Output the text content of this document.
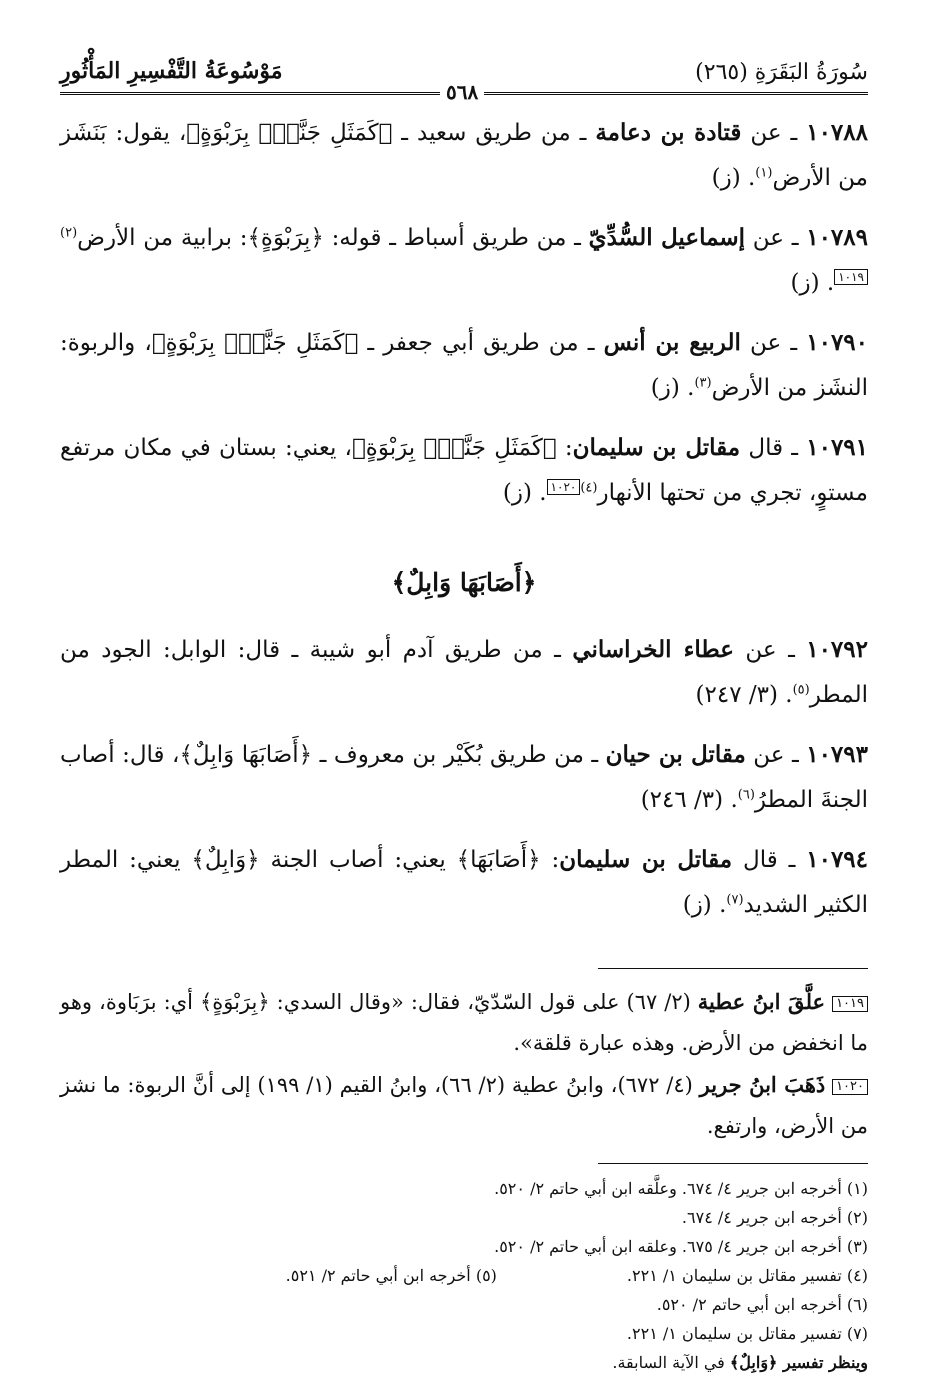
سُورَةُ البَقَرَةِ (٢٦٥)
٥٦٨
مَوْسُوعَةُ التَّفْسِيرِ المَأْثُورِ

١٠٧٨٨ ـ عن قتادة بن دعامة ـ من طريق سعيد ـ ﴿كَمَثَلِ جَنَّةٍۭ بِرَبْوَةٍ﴾، يقول: بَنَشَز من الأرض$^{(١)}$. (ز)

١٠٧٨٩ ـ عن إسماعيل السُّدِّيّ ـ من طريق أسباط ـ قوله: ﴿بِرَبْوَةٍ﴾: برابية من الأرض$^{(٢)}$١٠١٩. (ز)

١٠٧٩٠ ـ عن الربيع بن أنس ـ من طريق أبي جعفر ـ ﴿كَمَثَلِ جَنَّةٍۭ بِرَبْوَةٍ﴾، والربوة: النشَز من الأرض$^{(٣)}$. (ز)

١٠٧٩١ ـ قال مقاتل بن سليمان: ﴿كَمَثَلِ جَنَّةٍۭ بِرَبْوَةٍ﴾، يعني: بستان في مكان مرتفع مستوٍ، تجري من تحتها الأنهار$^{(٤)}$١٠٢٠. (ز)

﴿أَصَابَهَا وَابِلٌ﴾

١٠٧٩٢ ـ عن عطاء الخراساني ـ من طريق آدم أبو شيبة ـ قال: الوابل: الجود من المطر$^{(٥)}$. (٣/ ٢٤٧)

١٠٧٩٣ ـ عن مقاتل بن حيان ـ من طريق بُكَيْر بن معروف ـ ﴿أَصَابَهَا وَابِلٌ﴾، قال: أصاب الجنةَ المطرُ$^{(٦)}$. (٣/ ٢٤٦)

١٠٧٩٤ ـ قال مقاتل بن سليمان: ﴿أَصَابَهَا﴾ يعني: أصاب الجنة ﴿وَابِلٌ﴾ يعني: المطر الكثير الشديد$^{(٧)}$. (ز)

١٠١٩ علَّقَ ابنُ عطية (٢/ ٦٧) على قول السّدّيّ، فقال: «وقال السدي: ﴿بِرَبْوَةٍ﴾ أي: برَبَاوة، وهو ما انخفض من الأرض. وهذه عبارة قلقة».
١٠٢٠ ذَهَبَ ابنُ جرير (٤/ ٦٧٢)، وابنُ عطية (٢/ ٦٦)، وابنُ القيم (١/ ١٩٩) إلى أنَّ الربوة: ما نشز من الأرض، وارتفع.
(١) أخرجه ابن جرير ٤/ ٦٧٤. وعلَّقه ابن أبي حاتم ٢/ ٥٢٠.
(٢) أخرجه ابن جرير ٤/ ٦٧٤.
(٣) أخرجه ابن جرير ٤/ ٦٧٥. وعلقه ابن أبي حاتم ٢/ ٥٢٠.
(٤) تفسير مقاتل بن سليمان ١/ ٢٢١.
(٥) أخرجه ابن أبي حاتم ٢/ ٥٢١.
(٦) أخرجه ابن أبي حاتم ٢/ ٥٢٠.
(٧) تفسير مقاتل بن سليمان ١/ ٢٢١.
وينظر تفسير ﴿وَابِلٌ﴾ في الآية السابقة.
